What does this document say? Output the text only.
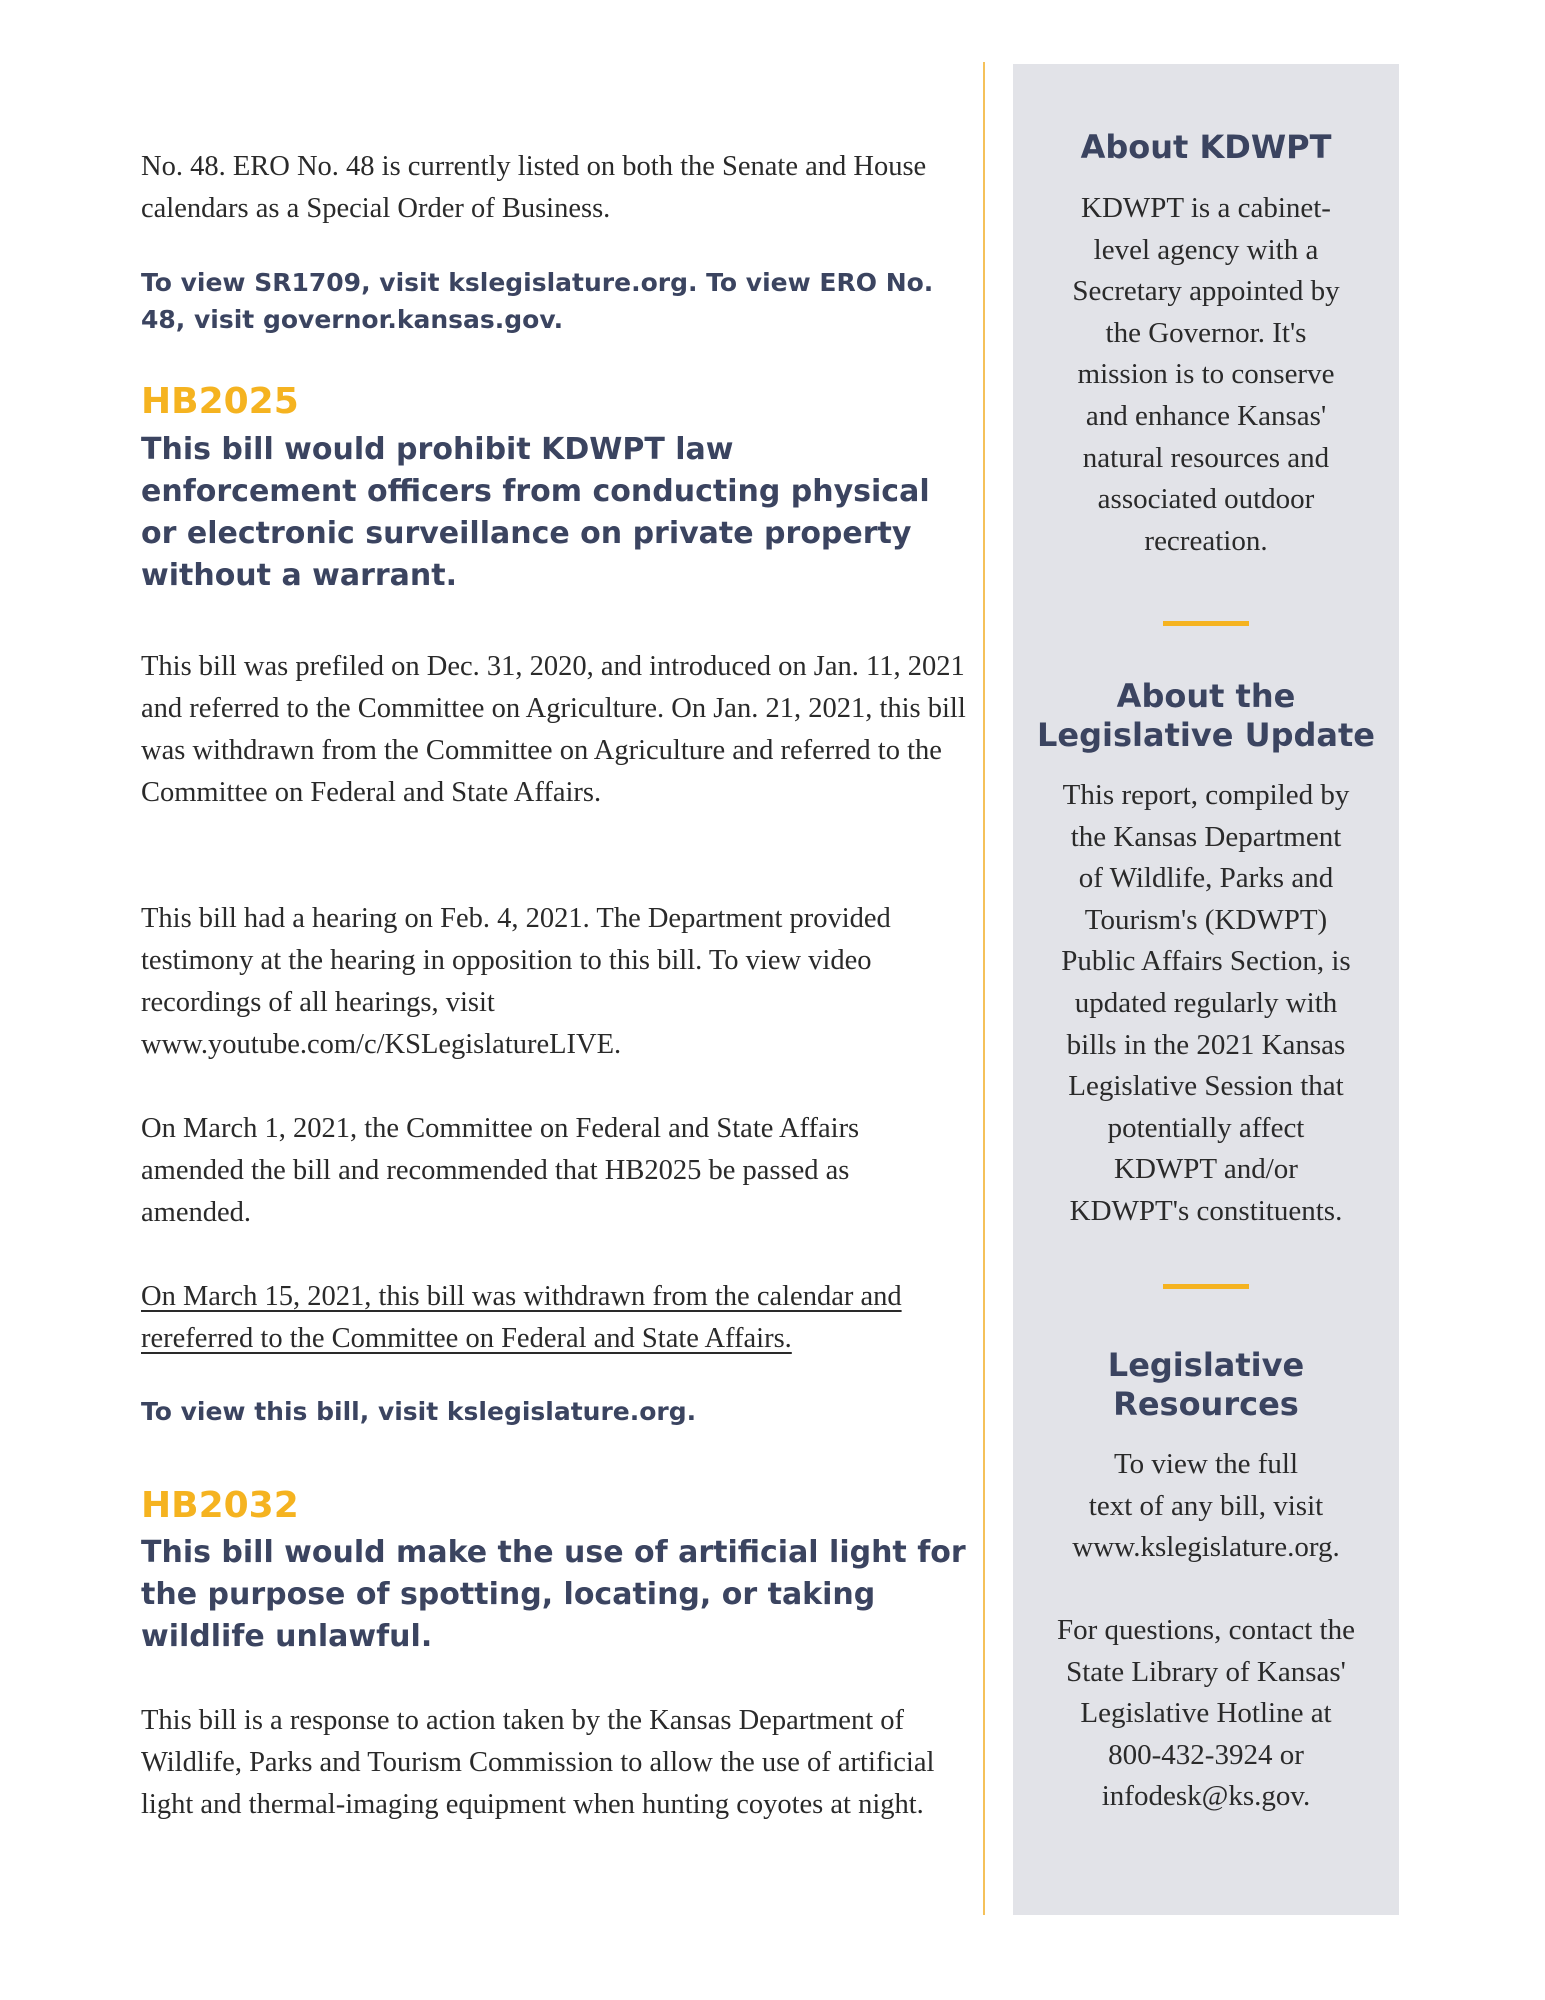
No. 48. ERO No. 48 is currently listed on both the Senate and House calendars as a Special Order of Business.

To view SR1709, visit kslegislature.org. To view ERO No. 48, visit governor.kansas.gov.

HB2025

This bill would prohibit KDWPT law enforcement officers from conducting physical or electronic surveillance on private property without a warrant.

This bill was prefiled on Dec. 31, 2020, and introduced on Jan. 11, 2021 and referred to the Committee on Agriculture. On Jan. 21, 2021, this bill was withdrawn from the Committee on Agriculture and referred to the Committee on Federal and State Affairs.

This bill had a hearing on Feb. 4, 2021. The Department provided testimony at the hearing in opposition to this bill. To view video recordings of all hearings, visit www.youtube.com/c/KSLegislatureLIVE.

On March 1, 2021, the Committee on Federal and State Affairs amended the bill and recommended that HB2025 be passed as amended.

On March 15, 2021, this bill was withdrawn from the calendar and rereferred to the Committee on Federal and State Affairs.

To view this bill, visit kslegislature.org.

HB2032

This bill would make the use of artificial light for the purpose of spotting, locating, or taking wildlife unlawful.

This bill is a response to action taken by the Kansas Department of Wildlife, Parks and Tourism Commission to allow the use of artificial light and thermal-imaging equipment when hunting coyotes at night.

About KDWPT

KDWPT is a cabinet-
level agency with a
Secretary appointed by
the Governor. It's
mission is to conserve
and enhance Kansas'
natural resources and
associated outdoor
recreation.

About the
Legislative Update

This report, compiled by
the Kansas Department
of Wildlife, Parks and
Tourism's (KDWPT)
Public Affairs Section, is
updated regularly with
bills in the 2021 Kansas
Legislative Session that
potentially affect
KDWPT and/or
KDWPT's constituents.

Legislative
Resources

To view the full
text of any bill, visit
www.kslegislature.org.

For questions, contact the
State Library of Kansas'
Legislative Hotline at
800-432-3924 or
infodesk@ks.gov.
